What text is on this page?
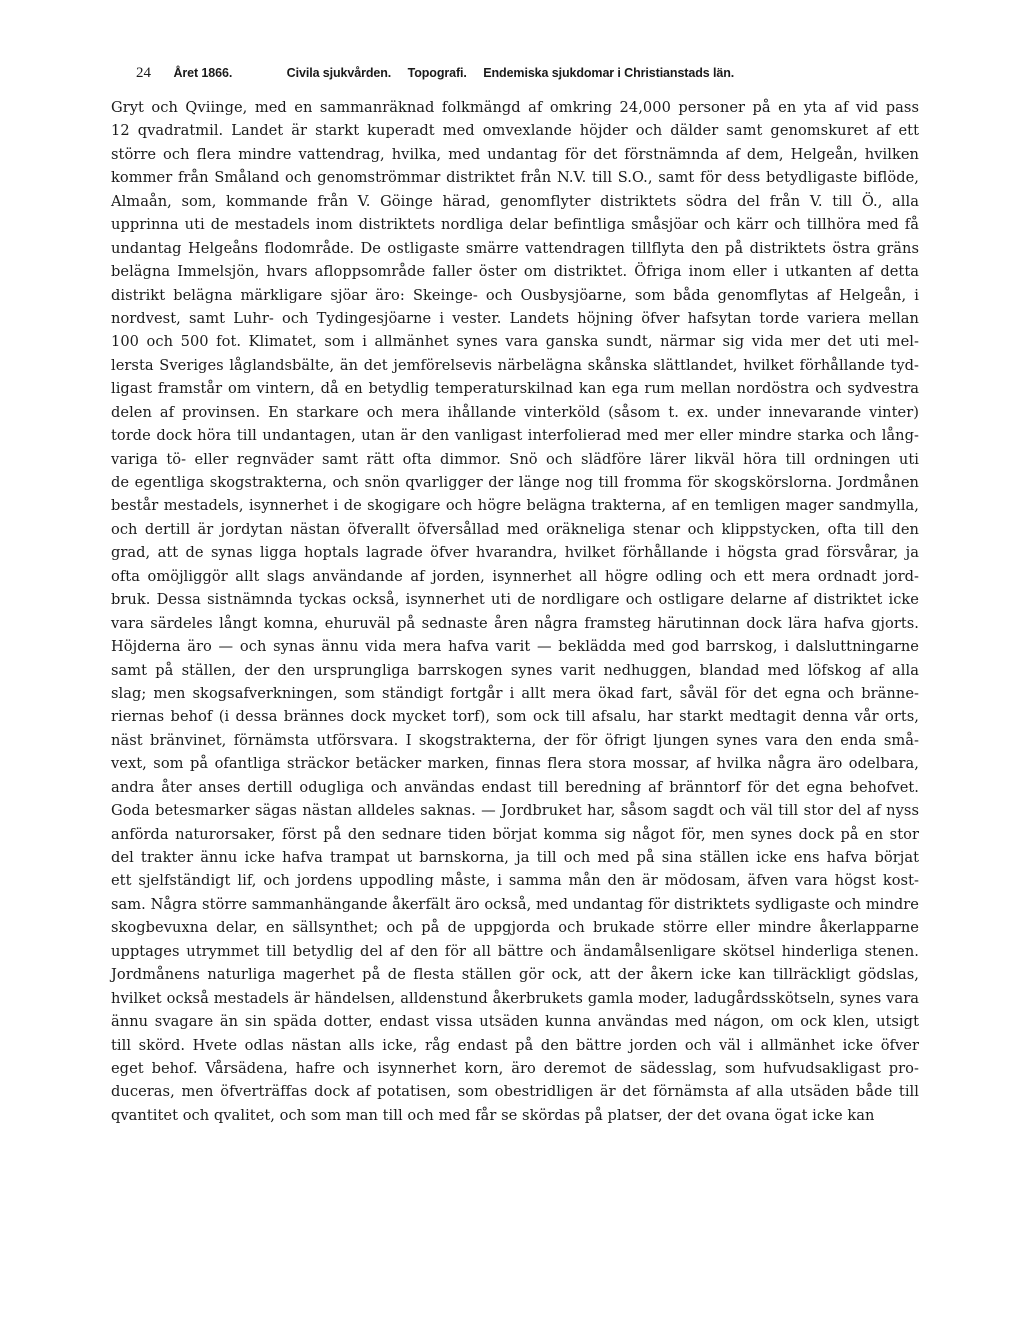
24 Året 1866.	Civila sjukvården. Topografi. Endemiska sjukdomar i Christianstads län.
Gryt och Qviinge, med en sammanräknad folkmängd af omkring 24,000 personer på en yta af vid pass
12 qvadratmil. Landet är starkt kuperadt med omvexlande höjder och dälder samt genomskuret af ett
större och flera mindre vattendrag, hvilka, med undantag för det förstnämnda af dem, Helgeån, hvilken
kommer från Småland och genomströmmar distriktet från N.V. till S.O., samt för dess betydligaste biflöde,
Almaån, som, kommande från V. Göinge härad, genomflyter distriktets södra del från V. till Ö., alla
upprinna uti de mestadels inom distriktets nordliga delar befintliga småsjöar och kärr och tillhöra med få
undantag Helgeåns flodområde. De ostligaste smärre vattendragen tillflyta den på distriktets östra gräns
belägna Immelsjön, hvars afloppsområde faller öster om distriktet. Öfriga inom eller i utkanten af detta
distrikt belägna märkligare sjöar äro: Skeinge- och Ousbysjöarne, som båda genomflytas af Helgeån, i
nordvest, samt Luhr- och Tydingesjöarne i vester. Landets höjning öfver hafsytan torde variera mellan
100 och 500 fot. Klimatet, som i allmänhet synes vara ganska sundt, närmar sig vida mer det uti mel-
lersta Sveriges låglandsbälte, än det jemförelsevis närbelägna skånska slättlandet, hvilket förhållande tyd-
ligast framstår om vintern, då en betydlig temperaturskilnad kan ega rum mellan nordöstra och sydvestra
delen af provinsen. En starkare och mera ihållande vinterköld (såsom t. ex. under innevarande vinter)
torde dock höra till undantagen, utan är den vanligast interfolierad med mer eller mindre starka och lång-
variga tö- eller regnväder samt rätt ofta dimmor. Snö och slädföre lärer likväl höra till ordningen uti
de egentliga skogstrakterna, och snön qvarligger der länge nog till fromma för skogskörslorna. Jordmånen
består mestadels, isynnerhet i de skogigare och högre belägna trakterna, af en temligen mager sandmylla,
och dertill är jordytan nästan öfverallt öfversållad med oräkneliga stenar och klippstycken, ofta till den
grad, att de synas ligga hoptals lagrade öfver hvarandra, hvilket förhållande i högsta grad försvårar, ja
ofta omöjliggör allt slags användande af jorden, isynnerhet all högre odling och ett mera ordnadt jord-
bruk. Dessa sistnämnda tyckas också, isynnerhet uti de nordligare och ostligare delarne af distriktet icke
vara särdeles långt komna, ehuruväl på sednaste åren några framsteg härutinnan dock lära hafva gjorts.
Höjderna äro — och synas ännu vida mera hafva varit — beklädda med god barrskog, i dalsluttningarne
samt på ställen, der den ursprungliga barrskogen synes varit nedhuggen, blandad med löfskog af alla
slag; men skogsafverkningen, som ständigt fortgår i allt mera ökad fart, såväl för det egna och bränne-
riernas behof (i dessa brännes dock mycket torf), som ock till afsalu, har starkt medtagit denna vår orts,
näst bränvinet, förnämsta utförsvara. I skogstrakterna, der för öfrigt ljungen synes vara den enda små-
vext, som på ofantliga sträckor betäcker marken, finnas flera stora mossar, af hvilka några äro odelbara,
andra åter anses dertill odugliga och användas endast till beredning af bränntorf för det egna behofvet.
Goda betesmarker sägas nästan alldeles saknas. — Jordbruket har, såsom sagdt och väl till stor del af nyss
anförda naturorsaker, först på den sednare tiden börjat komma sig något för, men synes dock på en stor
del trakter ännu icke hafva trampat ut barnskorna, ja till och med på sina ställen icke ens hafva börjat
ett sjelfständigt lif, och jordens uppodling måste, i samma mån den är mödosam, äfven vara högst kost-
sam. Några större sammanhängande åkerfält äro också, med undantag för distriktets sydligaste och mindre
skogbevuxna delar, en sällsynthet; och på de uppgjorda och brukade större eller mindre åkerlapparne
upptages utrymmet till betydlig del af den för all bättre och ändamålsenligare skötsel hinderliga stenen.
Jordmånens naturliga magerhet på de flesta ställen gör ock, att der åkern icke kan tillräckligt gödslas,
hvilket också mestadels är händelsen, alldenstund åkerbrukets gamla moder, ladugårdsskötseln, synes vara
ännu svagare än sin späda dotter, endast vissa utsäden kunna användas med nágon, om ock klen, utsigt
till skörd. Hvete odlas nästan alls icke, råg endast på den bättre jorden och väl i allmänhet icke öfver
eget behof. Vårsädena, hafre och isynnerhet korn, äro deremot de sädesslag, som hufvudsakligast pro-
duceras, men öfverträffas dock af potatisen, som obestridligen är det förnämsta af alla utsäden både till
qvantitet och qvalitet, och som man till och med får se skördas på platser, der det ovana ögat icke kan
